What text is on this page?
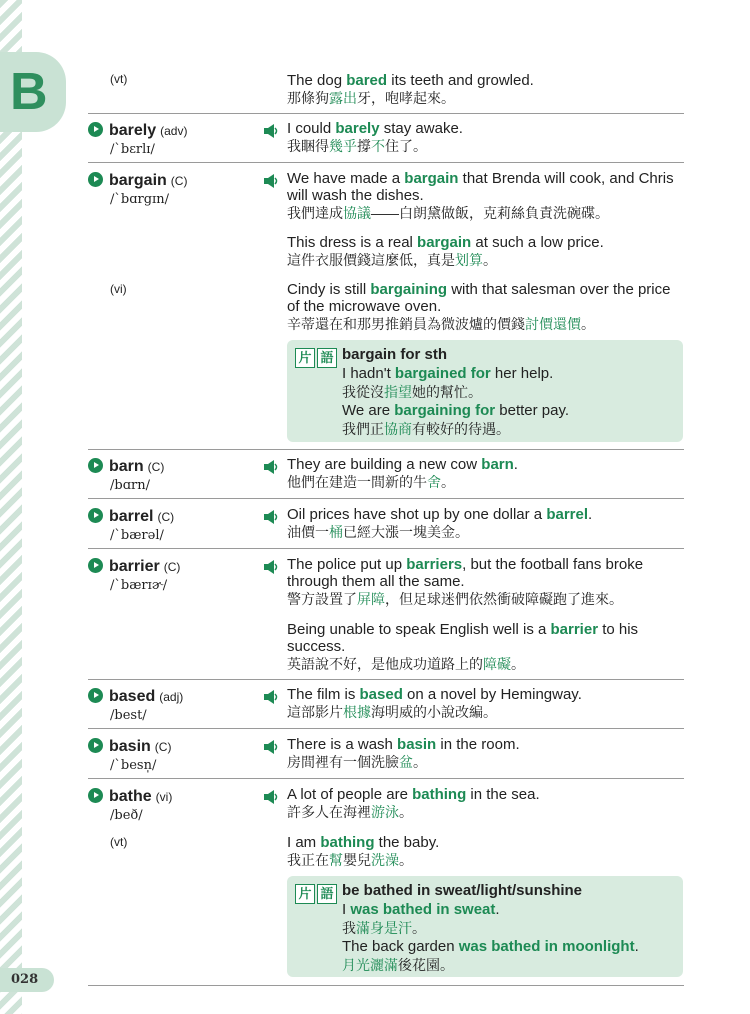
B
028
(vt)	The dog bared its teeth and growled.
那條狗露出牙，咆哮起來。
barely (adv)
/ˋbɛrlɪ/
I could barely stay awake.
我睏得幾乎撐不住了。
bargain (C)
/ˋbɑrgɪn/
We have made a bargain that Brenda will cook, and Chris will wash the dishes.
我們達成協議——白朗黛做飯，克莉絲負責洗碗碟。
This dress is a real bargain at such a low price.
這件衣服價錢這麼低，真是划算。
(vi)	Cindy is still bargaining with that salesman over the price of the microwave oven.
辛蒂還在和那男推銷員為微波爐的價錢討價還價。
片 語 bargain for sth
I hadn't bargained for her help.
我從沒指望她的幫忙。
We are bargaining for better pay.
我們正協商有較好的待遇。
barn (C)
/bɑrn/
They are building a new cow barn.
他們在建造一間新的牛舍。
barrel (C)
/ˋbærəl/
Oil prices have shot up by one dollar a barrel.
油價一桶已經大漲一塊美金。
barrier (C)
/ˋbærɪɚ/
The police put up barriers, but the football fans broke through them all the same.
警方設置了屏障，但足球迷們依然衝破障礙跑了進來。
Being unable to speak English well is a barrier to his success.
英語說不好，是他成功道路上的障礙。
based (adj)
/best/
The film is based on a novel by Hemingway.
這部影片根據海明威的小說改編。
basin (C)
/ˋbesn̩/
There is a wash basin in the room.
房間裡有一個洗臉盆。
bathe (vi)
/beð/
A lot of people are bathing in the sea.
許多人在海裡游泳。
(vt)	I am bathing the baby.
我正在幫嬰兒洗澡。
片 語 be bathed in sweat/light/sunshine
I was bathed in sweat.
我滿身是汗。
The back garden was bathed in moonlight.
月光灑滿後花園。
